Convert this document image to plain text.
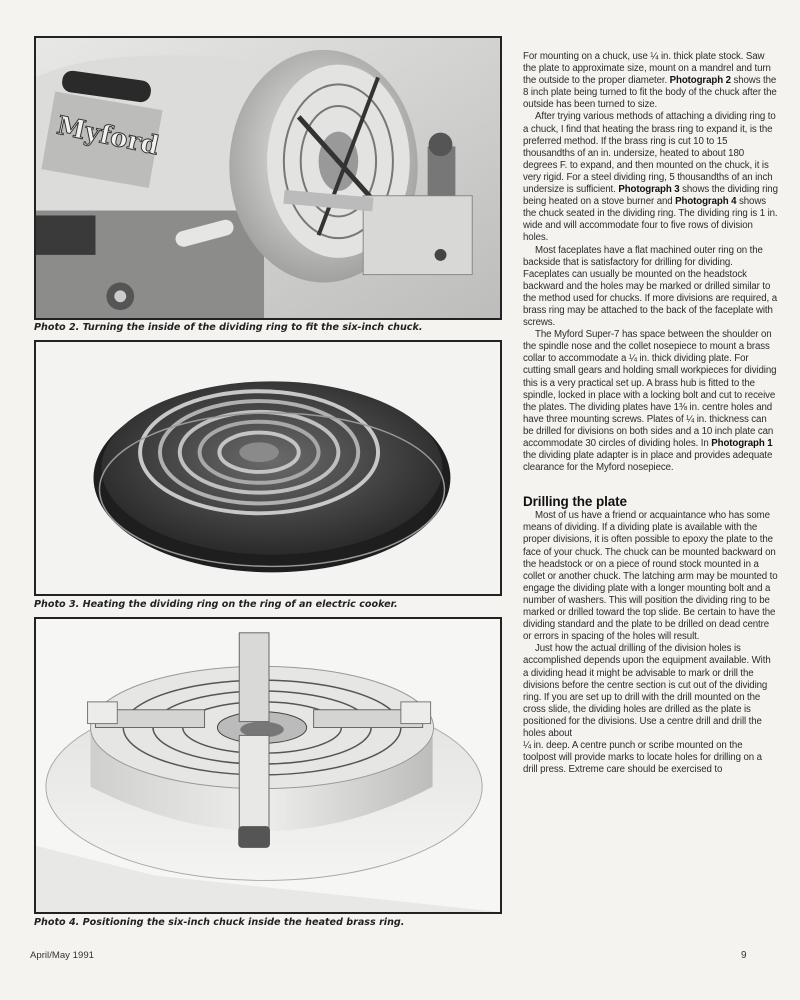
Myford
Photo 2. Turning the inside of the dividing ring to fit the six-inch chuck.
Photo 3. Heating the dividing ring on the ring of an electric cooker.
Photo 4. Positioning the six-inch chuck inside the heated brass ring.

For mounting on a chuck, use ¼ in. thick plate stock. Saw the plate to approximate size, mount on a mandrel and turn the outside to the proper diameter. Photograph 2 shows the 8 inch plate being turned to fit the body of the chuck after the outside has been turned to size.

After trying various methods of attaching a dividing ring to a chuck, I find that heating the brass ring to expand it, is the preferred method. If the brass ring is cut 10 to 15 thousandths of an in. undersize, heated to about 180 degrees F. to expand, and then mounted on the chuck, it is very rigid. For a steel dividing ring, 5 thousandths of an inch undersize is sufficient. Photograph 3 shows the dividing ring being heated on a stove burner and Photograph 4 shows the chuck seated in the dividing ring. The dividing ring is 1 in. wide and will accommodate four to five rows of division holes.

Most faceplates have a flat machined outer ring on the backside that is satisfactory for drilling for dividing. Faceplates can usually be mounted on the headstock backward and the holes may be marked or drilled similar to the method used for chucks. If more divisions are required, a brass ring may be attached to the back of the faceplate with screws.

The Myford Super-7 has space between the shoulder on the spindle nose and the collet nosepiece to mount a brass collar to accommodate a ¼ in. thick dividing plate. For cutting small gears and holding small workpieces for dividing this is a very practical set up. A brass hub is fitted to the spindle, locked in place with a locking bolt and cut to receive the plates. The dividing plates have 1⅜ in. centre holes and have three mounting screws. Plates of ¼ in. thickness can be drilled for divisions on both sides and a 10 inch plate can accommodate 30 circles of dividing holes. In Photograph 1 the dividing plate adapter is in place and provides adequate clearance for the Myford nosepiece.

Drilling the plate

Most of us have a friend or acquaintance who has some means of dividing. If a dividing plate is available with the proper divisions, it is often possible to epoxy the plate to the face of your chuck. The chuck can be mounted backward on the headstock or on a piece of round stock mounted in a collet or another chuck. The latching arm may be mounted to engage the dividing plate with a longer mounting bolt and a number of washers. This will position the dividing ring to be marked or drilled toward the top slide. Be certain to have the dividing standard and the plate to be drilled on dead centre or errors in spacing of the holes will result.

Just how the actual drilling of the division holes is accomplished depends upon the equipment available. With a dividing head it might be advisable to mark or drill the divisions before the centre section is cut out of the dividing ring. If you are set up to drill with the drill mounted on the cross slide, the dividing holes are drilled as the plate is positioned for the divisions. Use a centre drill and drill the holes about

¼ in. deep. A centre punch or scribe mounted on the toolpost will provide marks to locate holes for drilling on a drill press. Extreme care should be exercised to

April/May 1991	9
